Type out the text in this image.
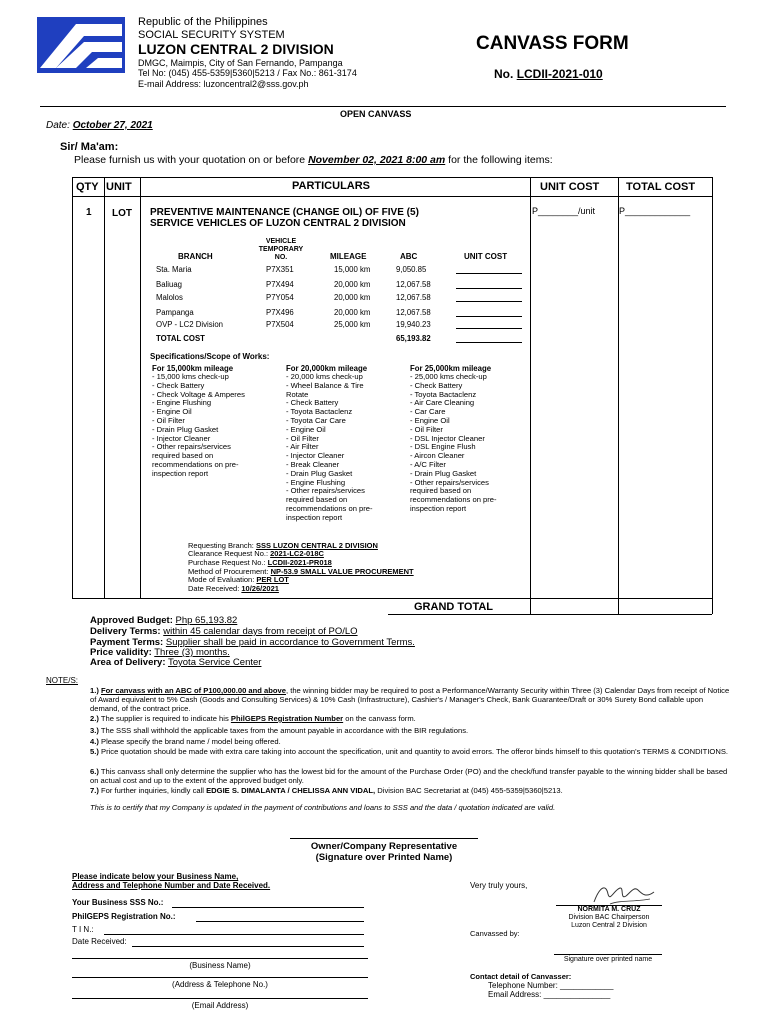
Republic of the Philippines
SOCIAL SECURITY SYSTEM
LUZON CENTRAL 2 DIVISION
DMGC, Maimpis, City of San Fernando, Pampanga
Tel No: (045) 455-5359|5360|5213 / Fax No.: 861-3174
E-mail Address: luzoncentral2@sss.gov.ph
CANVASS FORM
No. LCDII-2021-010
OPEN CANVASS
Date: October 27, 2021
Sir/ Ma'am:
Please furnish us with your quotation on or before November 02, 2021 8:00 am for the following items:
QTY UNIT	PARTICULARS	UNIT COST TOTAL COST
1 LOT PREVENTIVE MAINTENANCE (CHANGE OIL) OF FIVE (5)
SERVICE VEHICLES OF LUZON CENTRAL 2 DIVISION
P________/unit	P_____________
BRANCH
VEHICLE TEMPORARY NO.	MILEAGE	ABC	UNIT COST
Sta. Maria	P7X351	15,000 km	9,050.85
Baliuag	P7X494	20,000 km	12,067.58
Malolos	P7Y054	20,000 km	12,067.58
Pampanga	P7X496	20,000 km	12,067.58
OVP - LC2 Division	P7X504	25,000 km	19,940.23
TOTAL COST	65,193.82
Specifications/Scope of Works:
For 15,000km mileage
- 15,000 kms check-up
- Check Battery
- Check Voltage & Amperes
- Engine Flushing
- Engine Oil
- Oil Filter
- Drain Plug Gasket
- Injector Cleaner
- Other repairs/services
required based on
recommendations on pre-
inspection report
For 20,000km mileage
- 20,000 kms check-up
- Wheel Balance & Tire
Rotate
- Check Battery
- Toyota Bactaclenz
- Toyota Car Care
- Engine Oil
- Oil Filter
- Air Filter
- Injector Cleaner
- Break Cleaner
- Drain Plug Gasket
- Engine Flushing
- Other repairs/services
required based on
recommendations on pre-
inspection report
For 25,000km mileage
- 25,000 kms check-up
- Check Battery
- Toyota Bactaclenz
- Air Care Cleaning
- Car Care
- Engine Oil
- Oil Filter
- DSL Injector Cleaner
- DSL Engine Flush
- Aircon Cleaner
- A/C Filter
- Drain Plug Gasket
- Other repairs/services
required based on
recommendations on pre-
inspection report
Requesting Branch: SSS LUZON CENTRAL 2 DIVISION
Clearance Request No.: 2021-LC2-018C
Purchase Request No.: LCDII-2021-PR018
Method of Procurement: NP-53.9 SMALL VALUE PROCUREMENT
Mode of Evaluation: PER LOT
Date Received: 10/26/2021
GRAND TOTAL
Approved Budget: Php 65,193.82
Delivery Terms: within 45 calendar days from receipt of PO/LO
Payment Terms: Supplier shall be paid in accordance to Government Terms.
Price validity: Three (3) months.
Area of Delivery: Toyota Service Center
NOTE/S:
1.) For canvass with an ABC of P100,000.00 and above, the winning bidder may be required to post a Performance/Warranty Security within Three (3) Calendar Days from receipt of Notice of Award equivalent to 5% Cash (Goods and Consulting Services) & 10% Cash (Infrastructure), Cashier's / Manager's Check, Bank Guarantee/Draft or 30% Surety Bond callable upon demand, of the contract price.
2.) The supplier is required to indicate his PhilGEPS Registration Number on the canvass form.
3.) The SSS shall withhold the applicable taxes from the amount payable in accordance with the BIR regulations.
4.) Please specify the brand name / model being offered.
5.) Price quotation should be made with extra care taking into account the specification, unit and quantity to avoid errors. The offeror binds himself to this quotation's TERMS & CONDITIONS.
6.) This canvass shall only determine the supplier who has the lowest bid for the amount of the Purchase Order (PO) and the check/fund transfer payable to the winning bidder shall be based on actual cost and up to the extent of the approved budget only.
7.) For further inquiries, kindly call EDGIE S. DIMALANTA / CHELISSA ANN VIDAL, Division BAC Secretariat at (045) 455-5359|5360|5213.
This is to certify that my Company is updated in the payment of contributions and loans to SSS and the data / quotation indicated are valid.
Owner/Company Representative
(Signature over Printed Name)
Please indicate below your Business Name,
Address and Telephone Number and Date Received.
Your Business SSS No.:
PhilGEPS Registration No.:
T I N.:
Date Received:
(Business Name)
(Address & Telephone No.)
(Email Address)
Very truly yours,
NORMITA M. CRUZ
Division BAC Chairperson
Luzon Central 2 Division
Canvassed by:
Signature over printed name
Contact detail of Canvasser:
Telephone Number: ____________
Email Address: _______________
